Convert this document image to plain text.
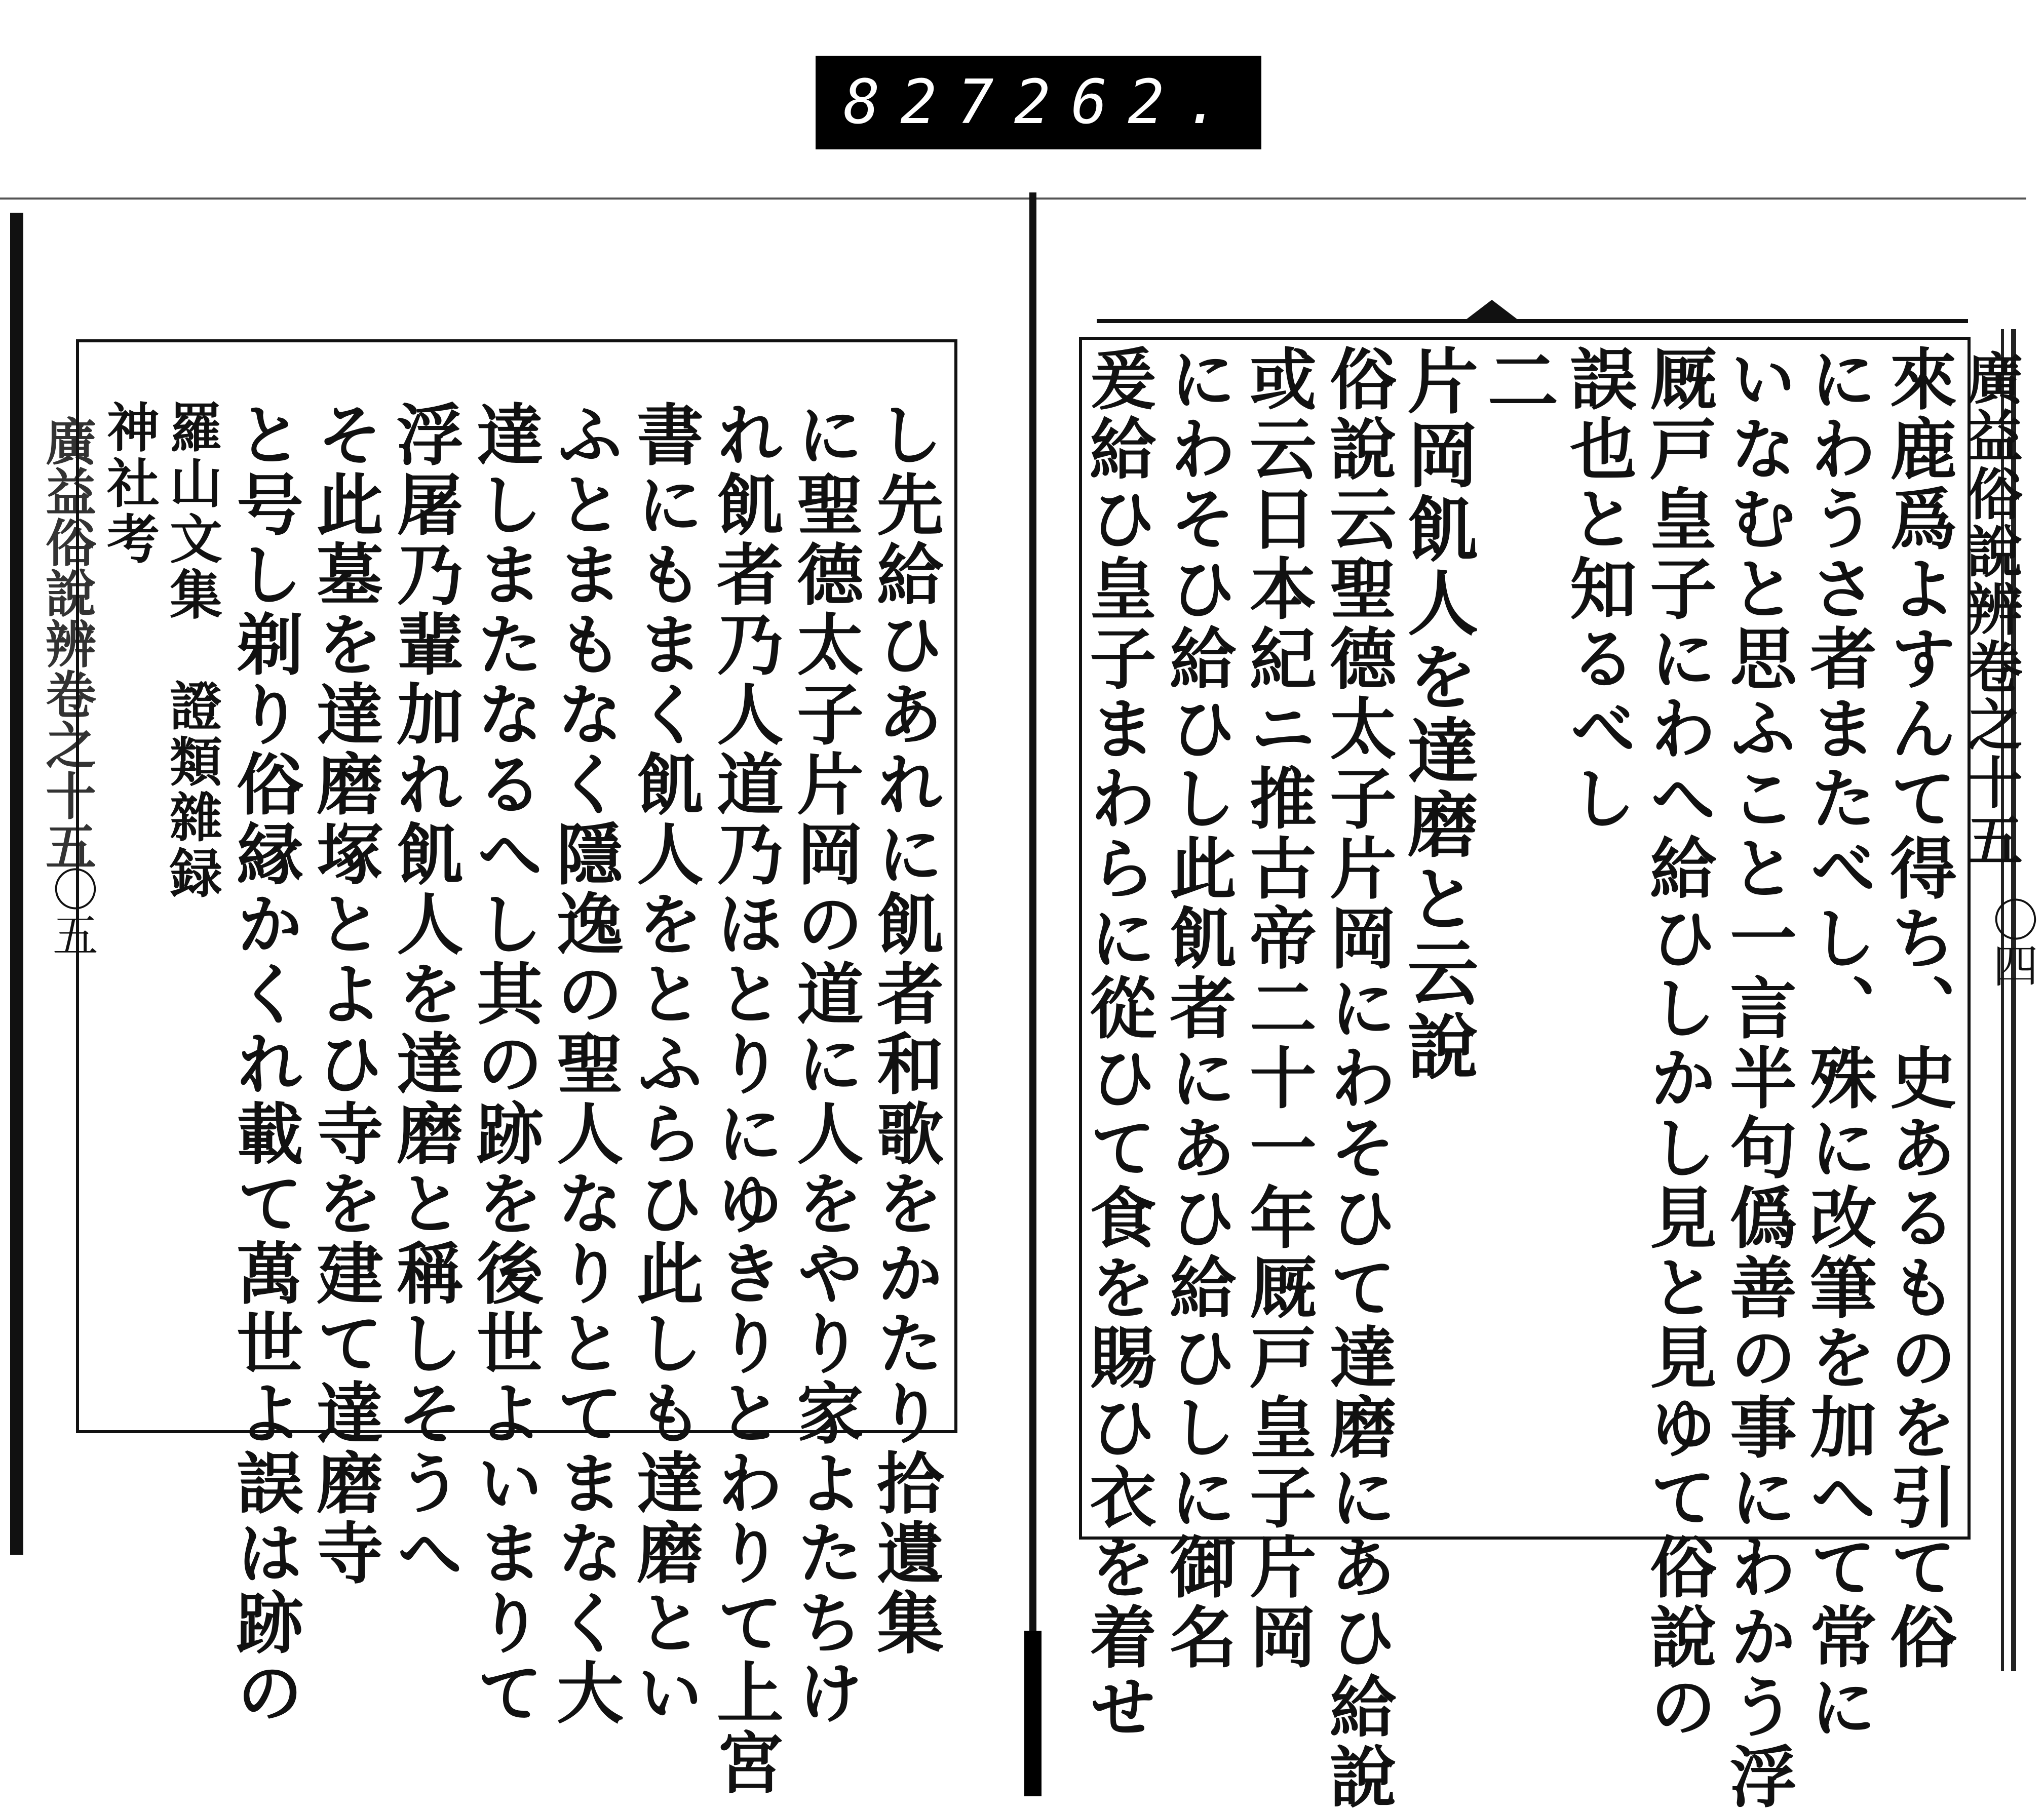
827 262.
廣益俗說辨卷之十五
〇五	し先給ひあれに飢者和歌をかたり拾遺集
に聖德太子片岡の道に人をやり家よたちけ
れ飢者乃人道乃ほとりにゆきりとわりて上宮
書にもまく飢人をとふらひ此しも達磨とい
ふとまもなく隱逸の聖人なりとてまなく大
達しまたなるへし其の跡を後世よいまりて
浮屠乃輩加れ飢人を達磨と稱しそうへ
そ此墓を達磨塚とよひ寺を建て達磨寺
と号し剃り俗縁かくれ載て萬世よ誤は跡の
羅山文集　證類雜録
神社考	廣益俗說辨卷之十五
〇四
來鹿爲よすんて得ち、史あるものを引て俗
にわうさ者またべし、殊に改筆を加へて常に
いなむと思ふこと一言半句僞善の事にわかう浮
厩戸皇子にわへ給ひしかし見と見ゆて俗說の
誤也と知るべし
二
片岡飢人を達磨と云說
俗說云聖德太子片岡にわそひて達磨にあひ給說
或云日本紀ニ推古帝二十一年厩戸皇子片岡
にわそひ給ひし此飢者にあひ給ひしに御名
爰給ひ皇子まわらに從ひて食を賜ひ衣を着せ
